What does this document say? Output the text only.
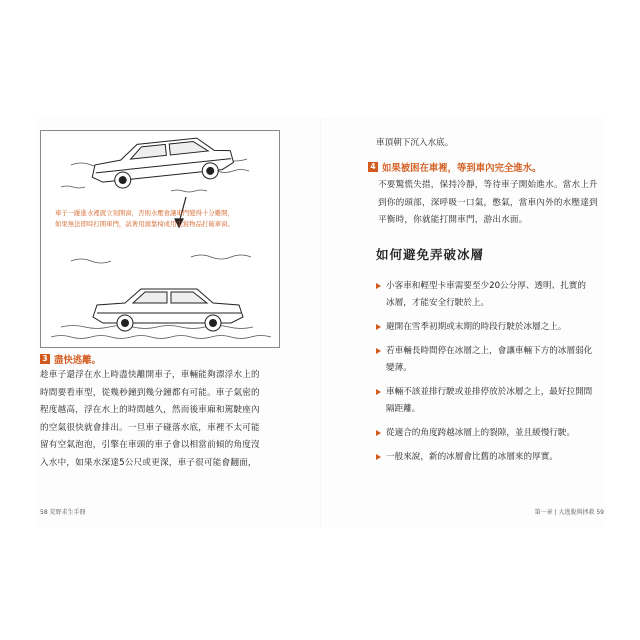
車子一踫進水裡就立刻開窗，否則水壓會讓車門變得十分難開，
如果無法即時打開車門，試著用頭靠椅或用尖銳物品打破車窗。
3 盡快逃離。
趁車子還浮在水上時盡快離開車子，車輛能夠漂浮水上的
時間要看車型，從幾秒鐘到幾分鐘都有可能。車子氣密的
程度越高，浮在水上的時間越久，然而後車廂和駕駛座內
的空氣很快就會排出。一旦車子碰落水底，車裡不太可能
留有空氣泡泡，引擎在車頭的車子會以相當前傾的角度沒
入水中，如果水深達5公尺或更深，車子很可能會翻面，
58 荒野求生手冊
車頂朝下沉入水底。
4 如果被困在車裡，等到車內完全進水。
不要驚慌失措，保持冷靜，等待車子開始進水。當水上升
到你的頭部，深呼吸一口氣，憋氣，當車內外的水壓達到
平衡時，你就能打開車門，游出水面。
如何避免弄破冰層
小客車和輕型卡車需要至少20公分厚、透明、扎實的
冰層，才能安全行駛於上。
避開在雪季初期或末期的時段行駛於冰層之上。
若車輛長時間停在冰層之上，會讓車輛下方的冰層弱化
變薄。
車輛不該並排行駛或並排停放於冰層之上，最好拉開間
隔距離。
從適合的角度跨越冰層上的裂隙，並且緩慢行駛。
一般來說，新的冰層會比舊的冰層來的厚實。
第一章 | 大逃脫與拯救 59
